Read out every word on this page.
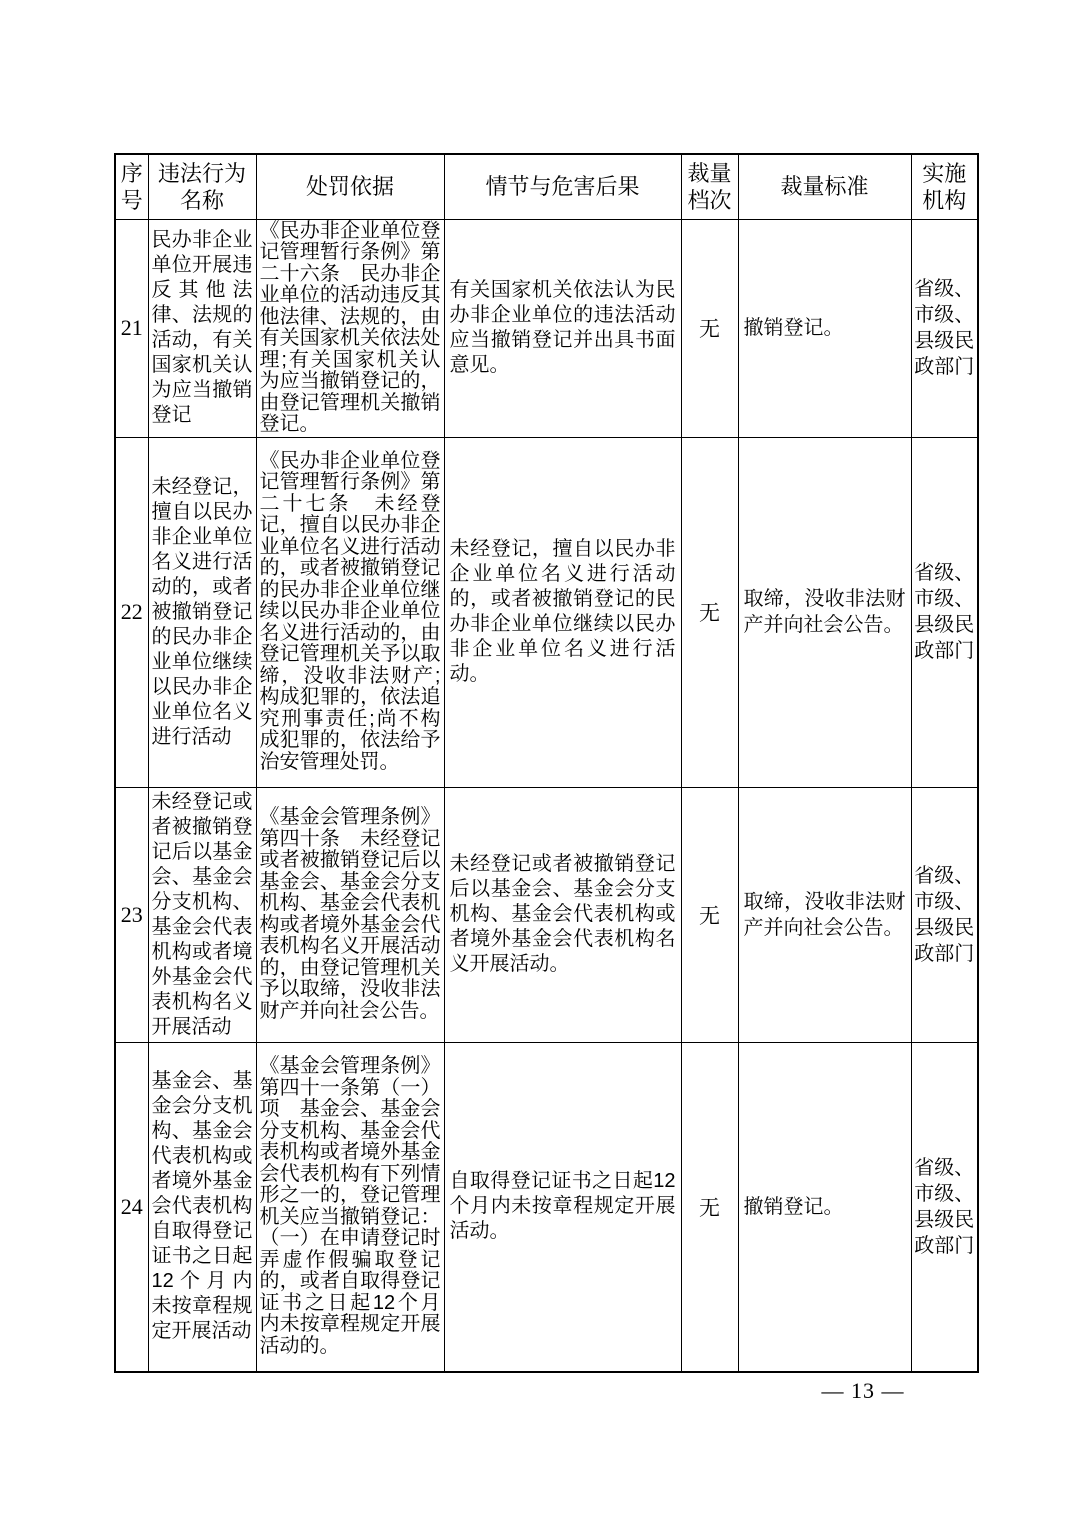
序号	违法行为名称	处罚依据	情节与危害后果	裁量档次	裁量标准	实施机构
21	民办非企业单位开展违反其他法律、法规的活动，有关国家机关认为应当撤销登记	《民办非企业单位登记管理暂行条例》第二十六条　民办非企业单位的活动违反其他法律、法规的，由有关国家机关依法处理;有关国家机关认为应当撤销登记的，由登记管理机关撤销登记。	有关国家机关依法认为民办非企业单位的违法活动应当撤销登记并出具书面意见。	无	撤销登记。	省级、市级、县级民政部门
22	未经登记，擅自以民办非企业单位名义进行活动的，或者被撤销登记的民办非企业单位继续以民办非企业单位名义进行活动	《民办非企业单位登记管理暂行条例》第二十七条　未经登记，擅自以民办非企业单位名义进行活动的，或者被撤销登记的民办非企业单位继续以民办非企业单位名义进行活动的，由登记管理机关予以取缔，没收非法财产;构成犯罪的，依法追究刑事责任;尚不构成犯罪的，依法给予治安管理处罚。	未经登记，擅自以民办非企业单位名义进行活动的，或者被撤销登记的民办非企业单位继续以民办非企业单位名义进行活动。	无	取缔，没收非法财产并向社会公告。	省级、市级、县级民政部门
23	未经登记或者被撤销登记后以基金会、基金会分支机构、基金会代表机构或者境外基金会代表机构名义开展活动	《基金会管理条例》第四十条　未经登记或者被撤销登记后以基金会、基金会分支机构、基金会代表机构或者境外基金会代表机构名义开展活动的，由登记管理机关予以取缔，没收非法财产并向社会公告。	未经登记或者被撤销登记后以基金会、基金会分支机构、基金会代表机构或者境外基金会代表机构名义开展活动。	无	取缔，没收非法财产并向社会公告。	省级、市级、县级民政部门
24	基金会、基金会分支机构、基金会代表机构或者境外基金会代表机构自取得登记证书之日起12个月内未按章程规定开展活动	《基金会管理条例》第四十一条第（一）项　基金会、基金会分支机构、基金会代表机构或者境外基金会代表机构有下列情形之一的，登记管理机关应当撤销登记：（一）在申请登记时弄虚作假骗取登记的，或者自取得登记证书之日起12个月内未按章程规定开展活动的。	自取得登记证书之日起12个月内未按章程规定开展活动。	无	撤销登记。	省级、市级、县级民政部门
— 13 —
